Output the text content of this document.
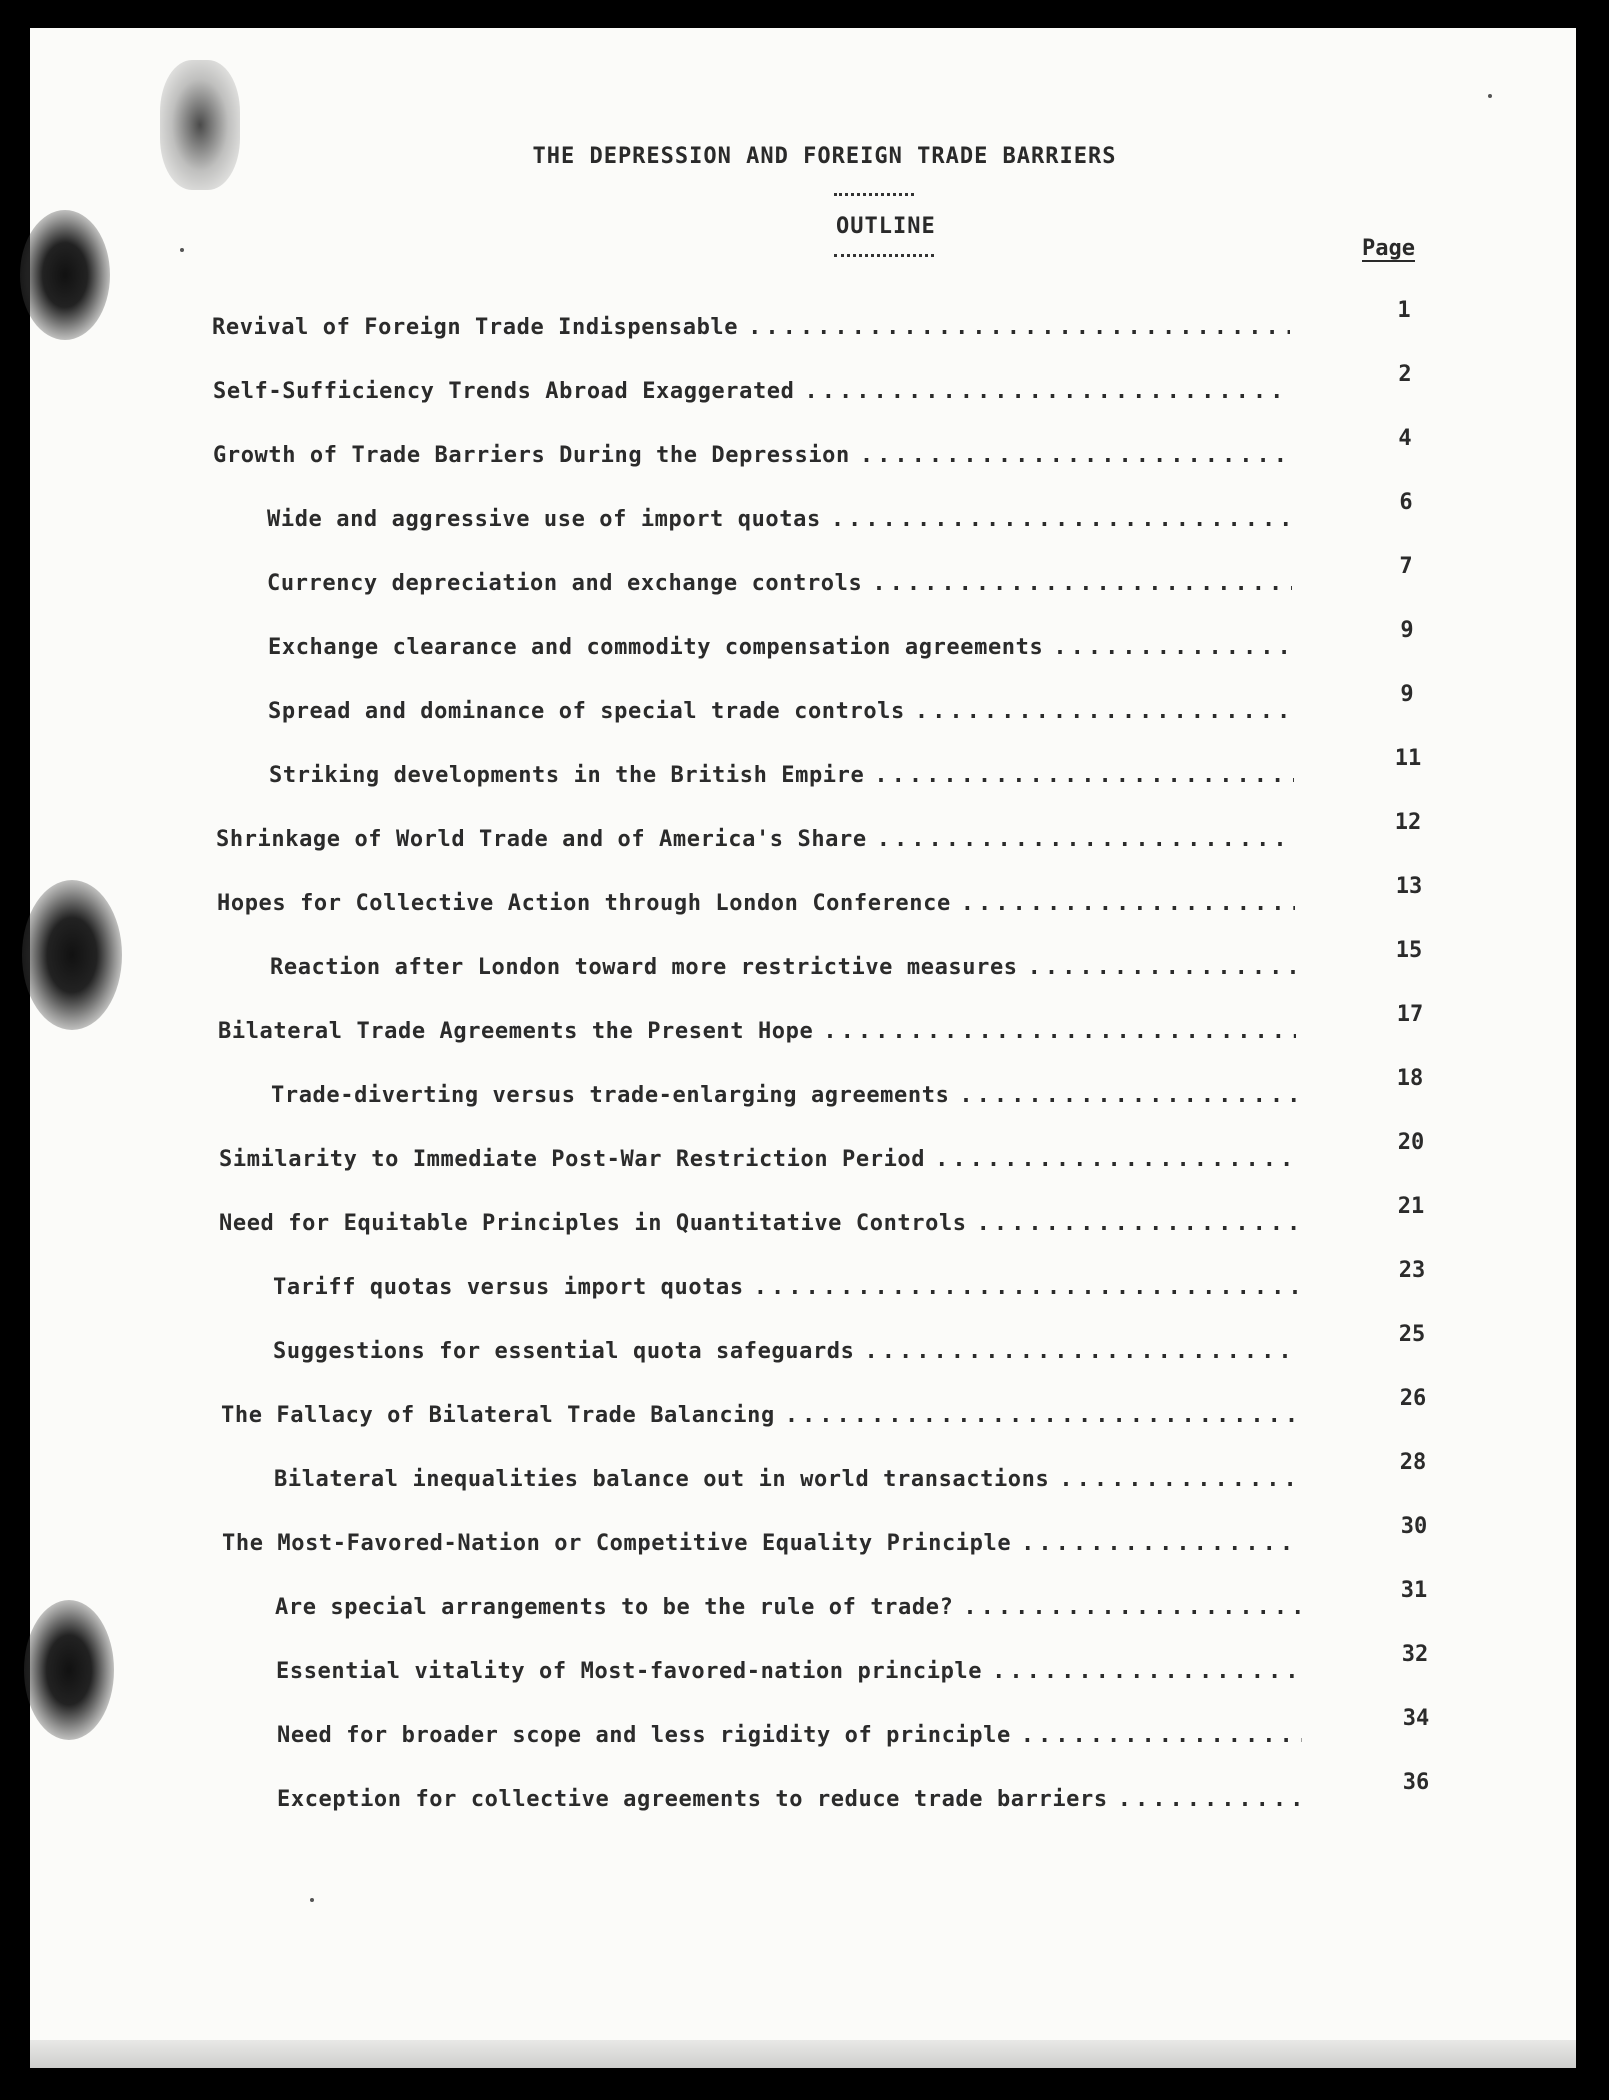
THE DEPRESSION AND FOREIGN TRADE BARRIERS
OUTLINE
Page
Revival of Foreign Trade Indispensable
.....
1
Self-Sufficiency Trends Abroad Exaggerated
.....
2
Growth of Trade Barriers During the Depression
.....
4
Wide and aggressive use of import quotas
.....
6
Currency depreciation and exchange controls
.....
7
Exchange clearance and commodity compensation agreements
.....
9
Spread and dominance of special trade controls
.....
9
Striking developments in the British Empire
.....
11
Shrinkage of World Trade and of America's Share
.....
12
Hopes for Collective Action through London Conference
.....
13
Reaction after London toward more restrictive measures
.....
15
Bilateral Trade Agreements the Present Hope
.....
17
Trade-diverting versus trade-enlarging agreements
.....
18
Similarity to Immediate Post-War Restriction Period
.....
20
Need for Equitable Principles in Quantitative Controls
.....
21
Tariff quotas versus import quotas
.....
23
Suggestions for essential quota safeguards
.....
25
The Fallacy of Bilateral Trade Balancing
.....
26
Bilateral inequalities balance out in world transactions
.....
28
The Most-Favored-Nation or Competitive Equality Principle
.....
30
Are special arrangements to be the rule of trade?
.....
31
Essential vitality of Most-favored-nation principle
.....
32
Need for broader scope and less rigidity of principle
.....
34
Exception for collective agreements to reduce trade barriers
.....
36
